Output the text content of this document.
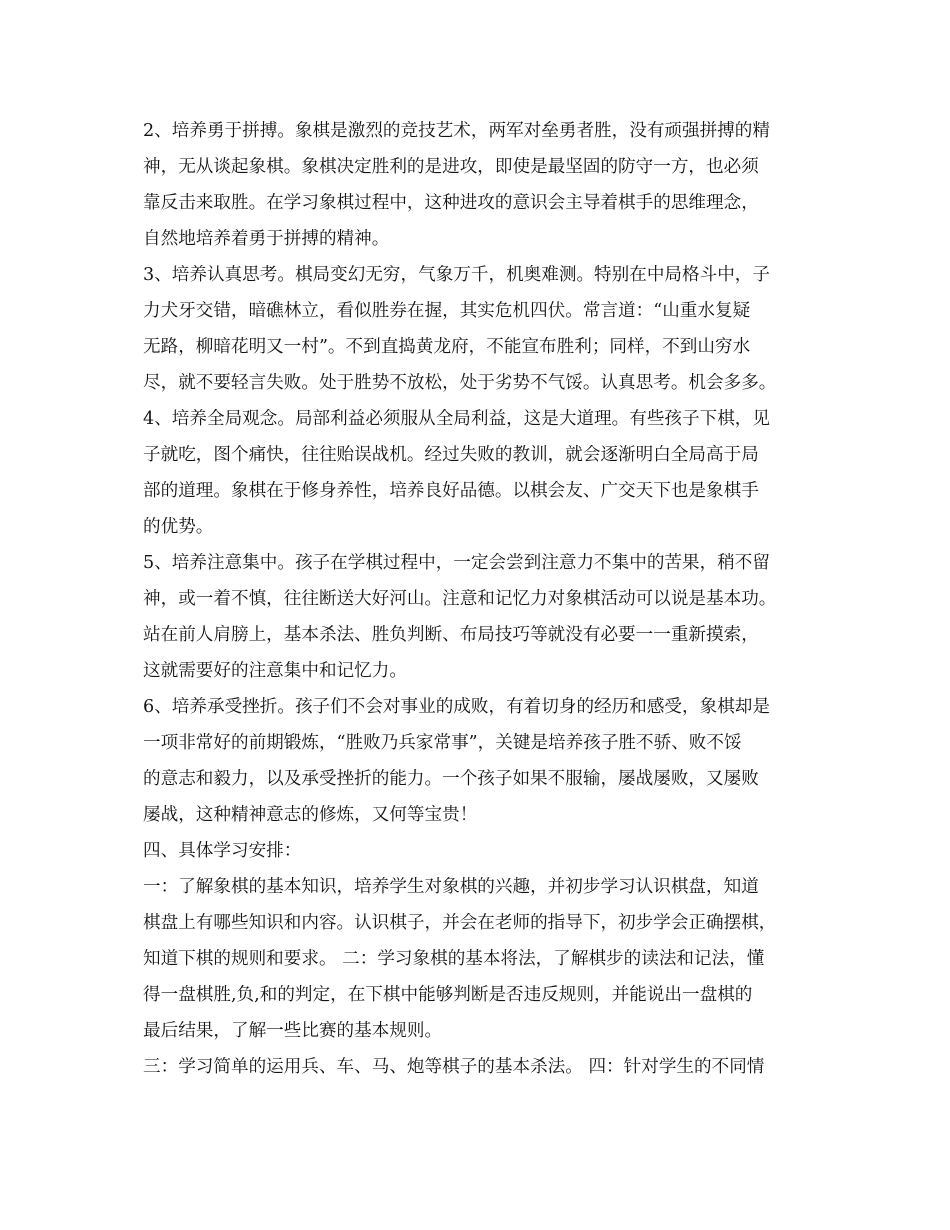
2、培养勇于拼搏。象棋是激烈的竞技艺术，两军对垒勇者胜，没有顽强拼搏的精
神，无从谈起象棋。象棋决定胜利的是进攻，即使是最坚固的防守一方，也必须
靠反击来取胜。在学习象棋过程中，这种进攻的意识会主导着棋手的思维理念，
自然地培养着勇于拼搏的精神。
3、培养认真思考。棋局变幻无穷，气象万千，机奥难测。特别在中局格斗中，子
力犬牙交错，暗礁林立，看似胜券在握，其实危机四伏。常言道：“山重水复疑
无路，柳暗花明又一村”。不到直捣黄龙府，不能宣布胜利；同样，不到山穷水
尽，就不要轻言失败。处于胜势不放松，处于劣势不气馁。认真思考。机会多多。
4、培养全局观念。局部利益必须服从全局利益，这是大道理。有些孩子下棋，见
子就吃，图个痛快，往往贻误战机。经过失败的教训，就会逐渐明白全局高于局
部的道理。象棋在于修身养性，培养良好品德。以棋会友、广交天下也是象棋手
的优势。
5、培养注意集中。孩子在学棋过程中，一定会尝到注意力不集中的苦果，稍不留
神，或一着不慎，往往断送大好河山。注意和记忆力对象棋活动可以说是基本功。
站在前人肩膀上，基本杀法、胜负判断、布局技巧等就没有必要一一重新摸索，
这就需要好的注意集中和记忆力。
6、培养承受挫折。孩子们不会对事业的成败，有着切身的经历和感受，象棋却是
一项非常好的前期锻炼，“胜败乃兵家常事”，关键是培养孩子胜不骄、败不馁
的意志和毅力，以及承受挫折的能力。一个孩子如果不服输，屡战屡败，又屡败
屡战，这种精神意志的修炼，又何等宝贵！
四、具体学习安排：
一：了解象棋的基本知识，培养学生对象棋的兴趣，并初步学习认识棋盘，知道
棋盘上有哪些知识和内容。认识棋子，并会在老师的指导下，初步学会正确摆棋，
知道下棋的规则和要求。 二：学习象棋的基本将法，了解棋步的读法和记法，懂
得一盘棋胜,负,和的判定，在下棋中能够判断是否违反规则，并能说出一盘棋的
最后结果，了解一些比赛的基本规则。
三：学习简单的运用兵、车、马、炮等棋子的基本杀法。 四：针对学生的不同情
